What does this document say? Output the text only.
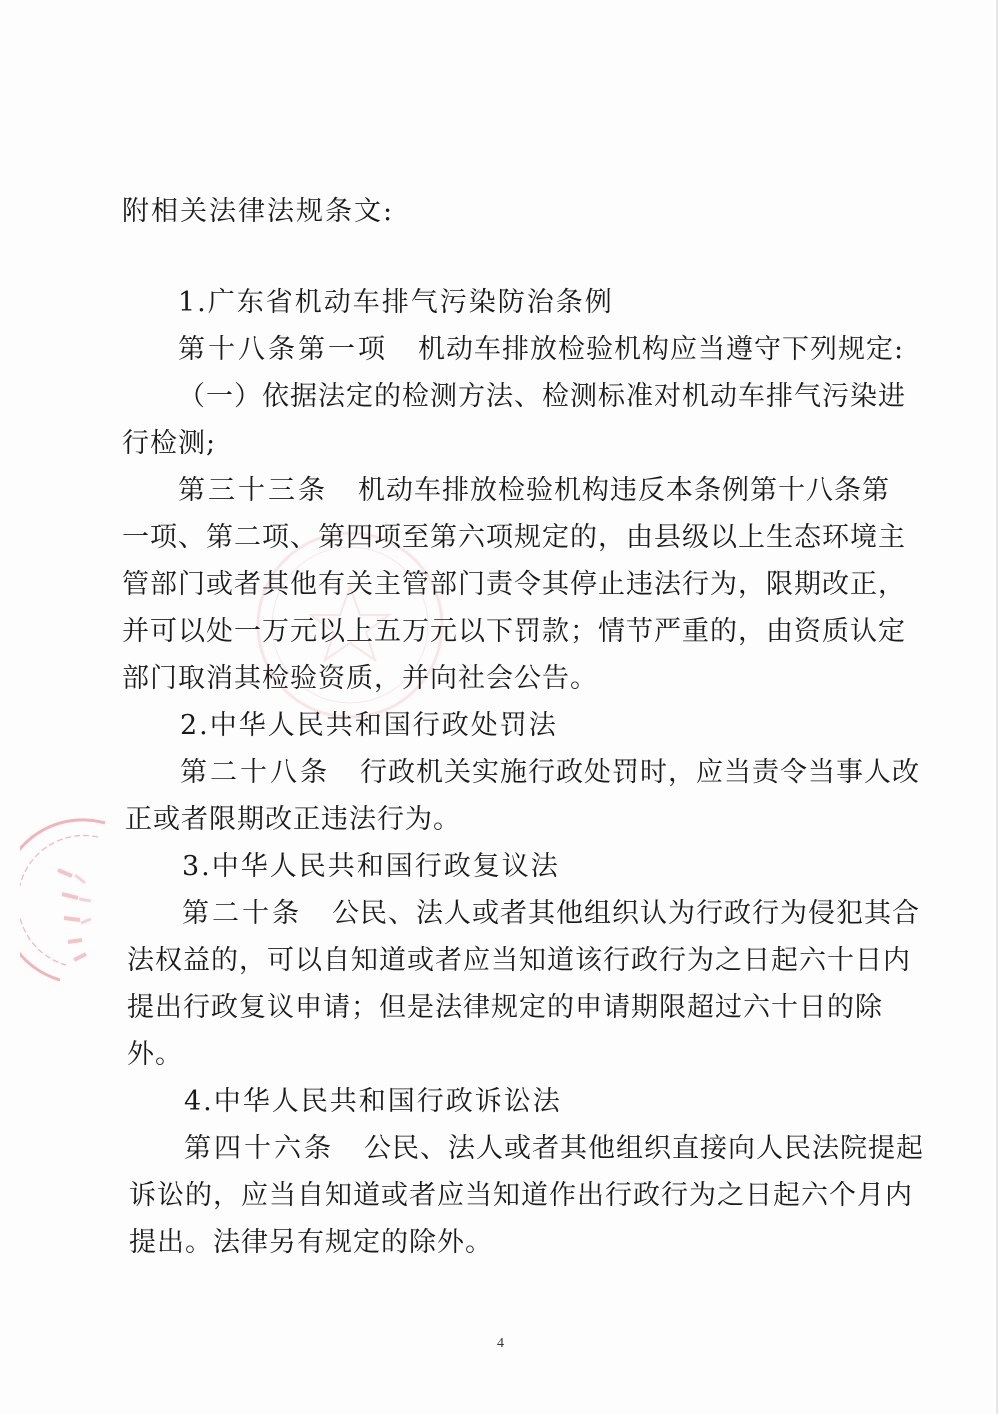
附相关法律法规条文:
1.广东省机动车排气污染防治条例
第十八条第一项 机动车排放检验机构应当遵守下列规定:
（一）依据法定的检测方法、检测标准对机动车排气污染进
行检测;
第三十三条 机动车排放检验机构违反本条例第十八条第
一项、第二项、第四项至第六项规定的，由县级以上生态环境主
管部门或者其他有关主管部门责令其停止违法行为，限期改正，
并可以处一万元以上五万元以下罚款；情节严重的，由资质认定
部门取消其检验资质，并向社会公告。
2.中华人民共和国行政处罚法
第二十八条 行政机关实施行政处罚时，应当责令当事人改
正或者限期改正违法行为。
3.中华人民共和国行政复议法
第二十条 公民、法人或者其他组织认为行政行为侵犯其合
法权益的，可以自知道或者应当知道该行政行为之日起六十日内
提出行政复议申请；但是法律规定的申请期限超过六十日的除
外。
4.中华人民共和国行政诉讼法
第四十六条 公民、法人或者其他组织直接向人民法院提起
诉讼的，应当自知道或者应当知道作出行政行为之日起六个月内
提出。法律另有规定的除外。
4
